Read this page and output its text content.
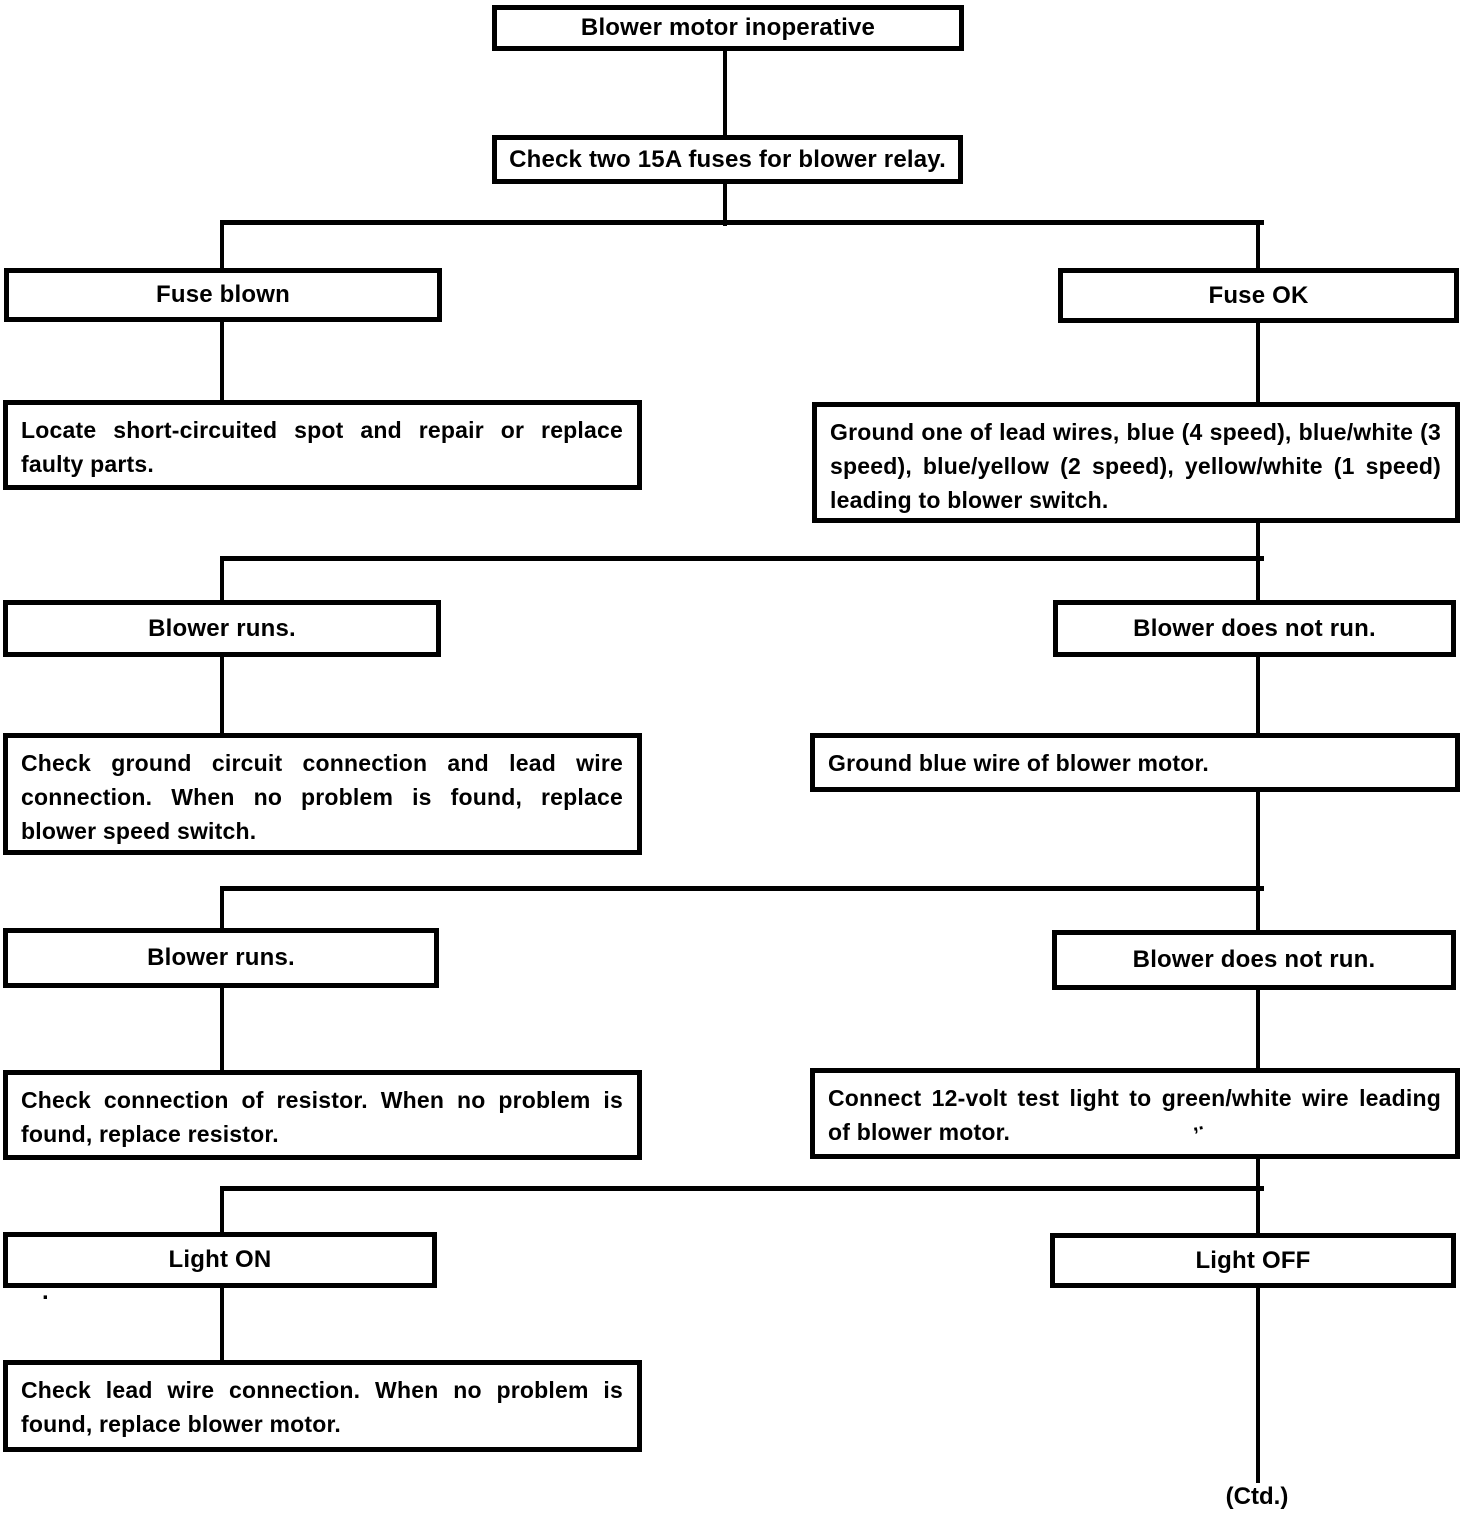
Blower motor inoperative
Check two 15A fuses for blower relay.
Fuse blown	Fuse OK
Locate short-circuited spot and repair or replace faulty parts.
Ground one of lead wires, blue (4 speed), blue/white (3 speed), blue/yellow (2 speed), yellow/white (1 speed) leading to blower switch.
Blower runs.	Blower does not run.
Check ground circuit connection and lead wire connection. When no problem is found, replace blower speed switch.
Ground blue wire of blower motor.
Blower runs.	Blower does not run.
Check connection of resistor. When no problem is found, replace resistor.
Connect 12-volt test light to green/white wire leading of blower motor.
Light ON	Light OFF
Check lead wire connection. When no problem is found, replace blower motor.
(Ctd.)
.
,.
